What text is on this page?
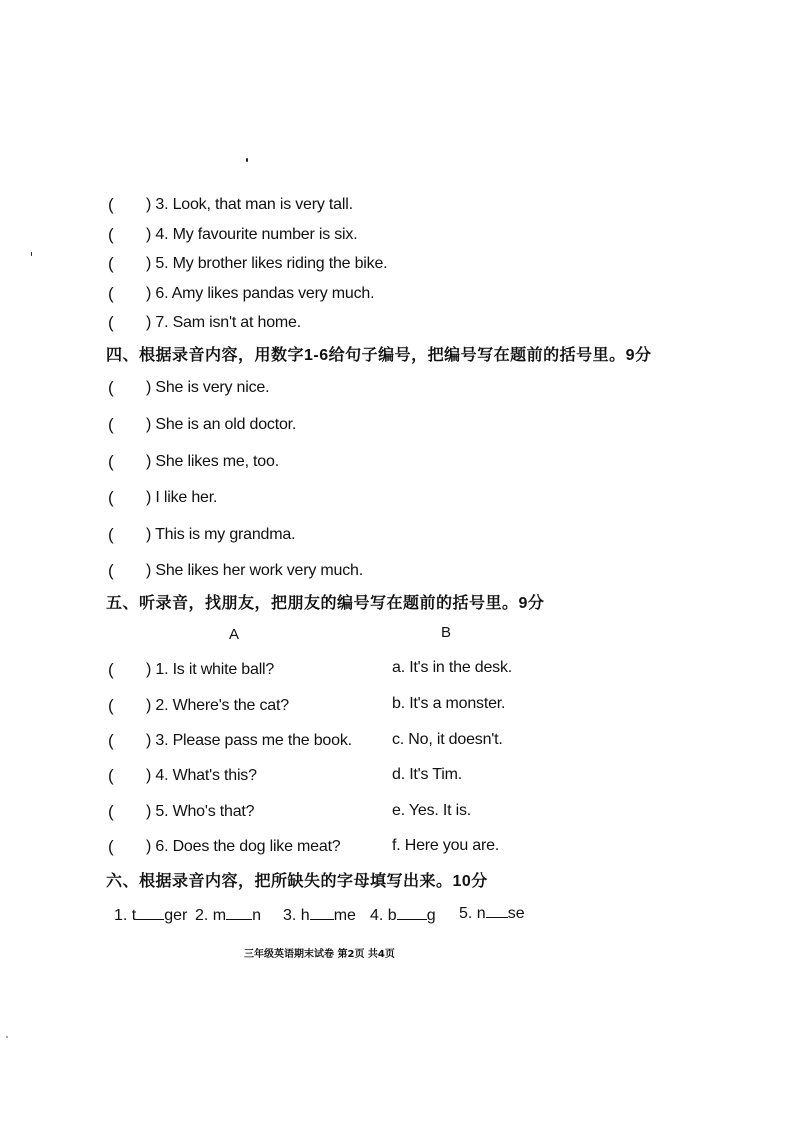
( ) 3. Look, that man is very tall.
( ) 4. My favourite number is six.
( ) 5. My brother likes riding the bike.
( ) 6. Amy likes pandas very much.
( ) 7. Sam isn't at home.
四、根据录音内容，用数字1-6给句子编号，把编号写在题前的括号里。9分
( ) She is very nice.
( ) She is an old doctor.
( ) She likes me, too.
( ) I like her.
( ) This is my grandma.
( ) She likes her work very much.
五、听录音，找朋友，把朋友的编号写在题前的括号里。9分
A	B
( ) 1. Is it white ball?	a. It's in the desk.
( ) 2. Where's the cat?	b. It's a monster.
( ) 3. Please pass me the book.	c. No, it doesn't.
( ) 4. What's this?	d. It's Tim.
( ) 5. Who's that?	e. Yes. It is.
( ) 6. Does the dog like meat?	f. Here you are.
六、根据录音内容，把所缺失的字母填写出来。10分
1. t ger 2. m n 3. h me 4. b g 5. n se
三年级英语期末试卷 第2页 共4页
